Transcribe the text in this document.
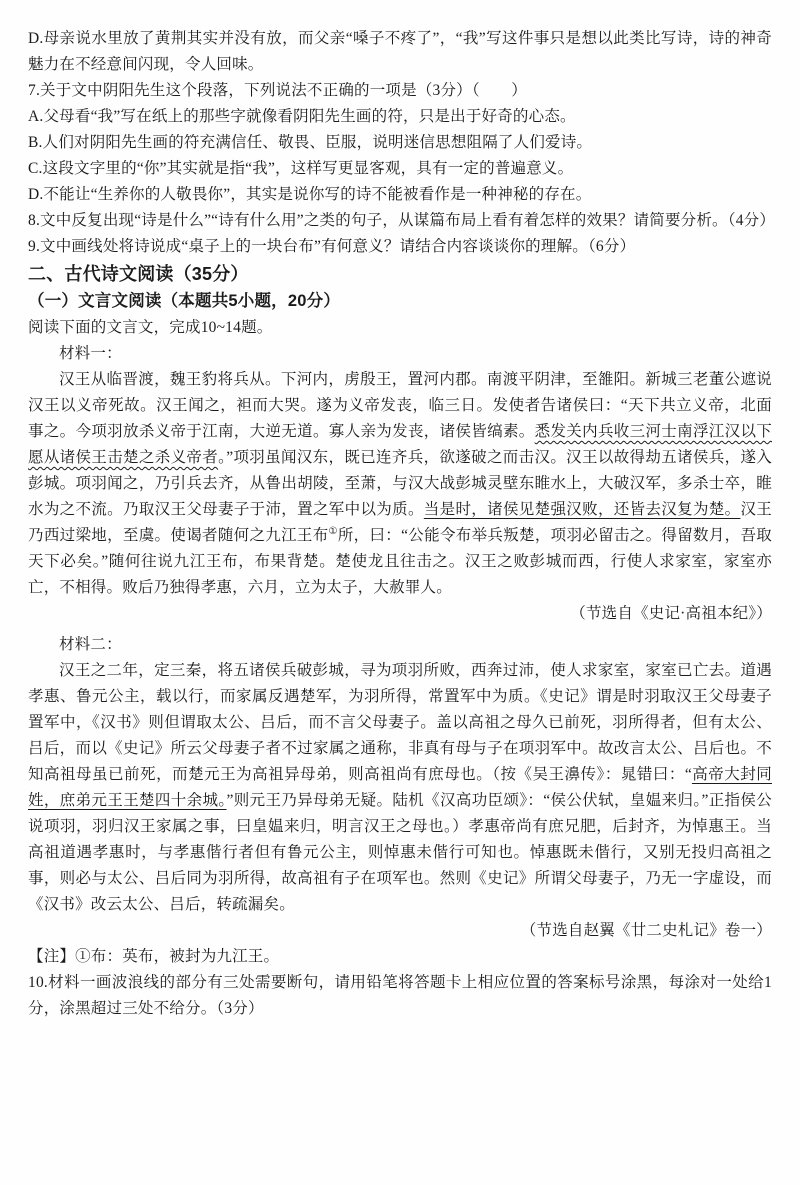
D.母亲说水里放了黄荆其实并没有放，而父亲“嗓子不疼了”，“我”写这件事只是想以此类比写诗，诗的神奇魅力在不经意间闪现，令人回味。

7.关于文中阴阳先生这个段落，下列说法不正确的一项是（3分）（　　）

A.父母看“我”写在纸上的那些字就像看阴阳先生画的符，只是出于好奇的心态。

B.人们对阴阳先生画的符充满信任、敬畏、臣服，说明迷信思想阻隔了人们爱诗。

C.这段文字里的“你”其实就是指“我”，这样写更显客观，具有一定的普遍意义。

D.不能让“生养你的人敬畏你”，其实是说你写的诗不能被看作是一种神秘的存在。

8.文中反复出现“诗是什么”“诗有什么用”之类的句子，从谋篇布局上看有着怎样的效果？请简要分析。（4分）

9.文中画线处将诗说成“桌子上的一块台布”有何意义？请结合内容谈谈你的理解。（6分）

二、古代诗文阅读（35分）

（一）文言文阅读（本题共5小题，20分）

阅读下面的文言文，完成10~14题。

材料一：

汉王从临晋渡，魏王豹将兵从。下河内，虏殷王，置河内郡。南渡平阴津，至雒阳。新城三老董公遮说汉王以义帝死故。汉王闻之，袒而大哭。遂为义帝发丧，临三日。发使者告诸侯曰：“天下共立义帝，北面事之。今项羽放杀义帝于江南，大逆无道。寡人亲为发丧，诸侯皆缟素。悉发关内兵收三河士南浮江汉以下愿从诸侯王击楚之杀义帝者。”项羽虽闻汉东，既已连齐兵，欲遂破之而击汉。汉王以故得劫五诸侯兵，遂入彭城。项羽闻之，乃引兵去齐，从鲁出胡陵，至萧，与汉大战彭城灵壁东睢水上，大破汉军，多杀士卒，睢水为之不流。乃取汉王父母妻子于沛，置之军中以为质。当是时，诸侯见楚强汉败，还皆去汉复为楚。汉王乃西过梁地，至虞。使谒者随何之九江王布①所，曰：“公能令布举兵叛楚，项羽必留击之。得留数月，吾取天下必矣。”随何往说九江王布，布果背楚。楚使龙且往击之。汉王之败彭城而西，行使人求家室，家室亦亡，不相得。败后乃独得孝惠，六月，立为太子，大赦罪人。

（节选自《史记·高祖本纪》）

材料二：

汉王之二年，定三秦，将五诸侯兵破彭城，寻为项羽所败，西奔过沛，使人求家室，家室已亡去。道遇孝惠、鲁元公主，载以行，而家属反遇楚军，为羽所得，常置军中为质。《史记》谓是时羽取汉王父母妻子置军中，《汉书》则但谓取太公、吕后，而不言父母妻子。盖以高祖之母久已前死，羽所得者，但有太公、吕后，而以《史记》所云父母妻子者不过家属之通称，非真有母与子在项羽军中。故改言太公、吕后也。不知高祖母虽已前死，而楚元王为高祖异母弟，则高祖尚有庶母也。（按《吴王濞传》：晁错曰：“高帝大封同姓，庶弟元王王楚四十余城。”则元王乃异母弟无疑。陆机《汉高功臣颂》：“侯公伏轼，皇媪来归。”正指侯公说项羽，羽归汉王家属之事，曰皇媪来归，明言汉王之母也。）孝惠帝尚有庶兄肥，后封齐，为悼惠王。当高祖道遇孝惠时，与孝惠偕行者但有鲁元公主，则悼惠未偕行可知也。悼惠既未偕行，又别无投归高祖之事，则必与太公、吕后同为羽所得，故高祖有子在项军也。然则《史记》所谓父母妻子，乃无一字虚设，而《汉书》改云太公、吕后，转疏漏矣。

（节选自赵翼《廿二史札记》卷一）

【注】①布：英布，被封为九江王。

10.材料一画波浪线的部分有三处需要断句，请用铅笔将答题卡上相应位置的答案标号涂黑，每涂对一处给1分，涂黑超过三处不给分。（3分）
